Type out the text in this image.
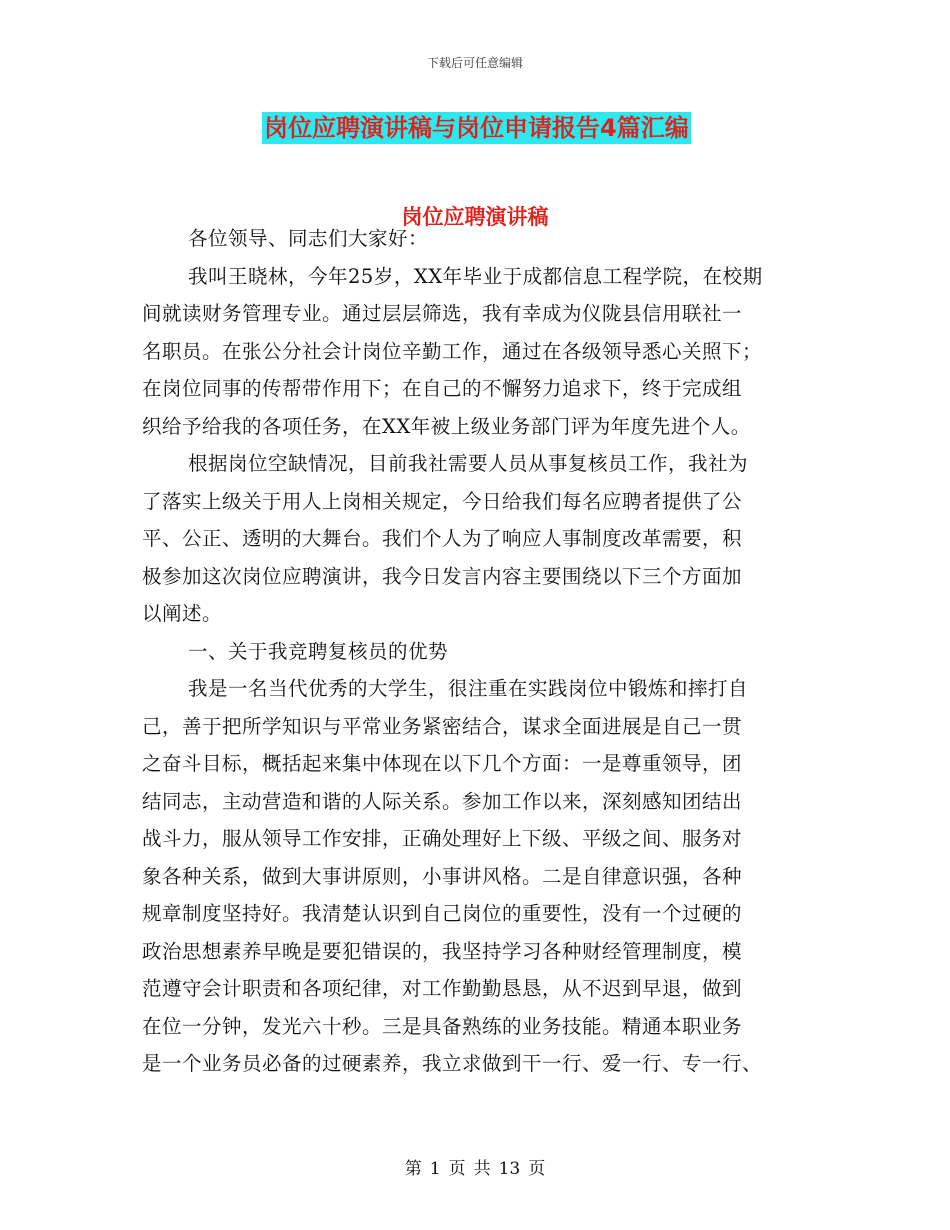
下载后可任意编辑
岗位应聘演讲稿与岗位申请报告4篇汇编
岗位应聘演讲稿
各位领导、同志们大家好：
我叫王晓林，今年25岁，XX年毕业于成都信息工程学院，在校期
间就读财务管理专业。通过层层筛选，我有幸成为仪陇县信用联社一
名职员。在张公分社会计岗位辛勤工作，通过在各级领导悉心关照下；
在岗位同事的传帮带作用下；在自己的不懈努力追求下，终于完成组
织给予给我的各项任务，在XX年被上级业务部门评为年度先进个人。
根据岗位空缺情况，目前我社需要人员从事复核员工作，我社为
了落实上级关于用人上岗相关规定，今日给我们每名应聘者提供了公
平、公正、透明的大舞台。我们个人为了响应人事制度改革需要，积
极参加这次岗位应聘演讲，我今日发言内容主要围绕以下三个方面加
以阐述。
一、关于我竞聘复核员的优势
我是一名当代优秀的大学生，很注重在实践岗位中锻炼和摔打自
己，善于把所学知识与平常业务紧密结合，谋求全面进展是自己一贯
之奋斗目标，概括起来集中体现在以下几个方面：一是尊重领导，团
结同志，主动营造和谐的人际关系。参加工作以来，深刻感知团结出
战斗力，服从领导工作安排，正确处理好上下级、平级之间、服务对
象各种关系，做到大事讲原则，小事讲风格。二是自律意识强，各种
规章制度坚持好。我清楚认识到自己岗位的重要性，没有一个过硬的
政治思想素养早晚是要犯错误的，我坚持学习各种财经管理制度，模
范遵守会计职责和各项纪律，对工作勤勤恳恳，从不迟到早退，做到
在位一分钟，发光六十秒。三是具备熟练的业务技能。精通本职业务
是一个业务员必备的过硬素养，我立求做到干一行、爱一行、专一行、
第 1 页 共 13 页
